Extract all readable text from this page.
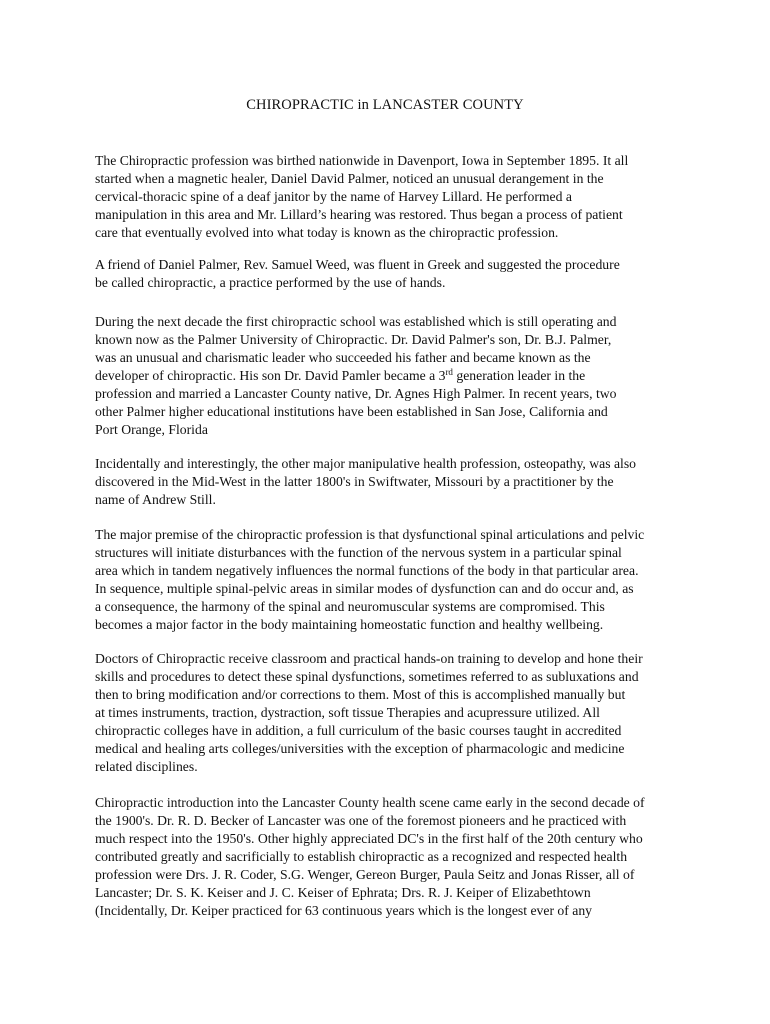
CHIROPRACTIC in LANCASTER COUNTY

The Chiropractic profession was birthed nationwide in Davenport, Iowa in September 1895. It all
started when a magnetic healer, Daniel David Palmer, noticed an unusual derangement in the
cervical-thoracic spine of a deaf janitor by the name of Harvey Lillard. He performed a
manipulation in this area and Mr. Lillard’s hearing was restored. Thus began a process of patient
care that eventually evolved into what today is known as the chiropractic profession.

A friend of Daniel Palmer, Rev. Samuel Weed, was fluent in Greek and suggested the procedure
be called chiropractic, a practice performed by the use of hands.

During the next decade the first chiropractic school was established which is still operating and
known now as the Palmer University of Chiropractic. Dr. David Palmer's son, Dr. B.J. Palmer,
was an unusual and charismatic leader who succeeded his father and became known as the
developer of chiropractic. His son Dr. David Pamler became a 3rd generation leader in the
profession and married a Lancaster County native, Dr. Agnes High Palmer. In recent years, two
other Palmer higher educational institutions have been established in San Jose, California and
Port Orange, Florida

Incidentally and interestingly, the other major manipulative health profession, osteopathy, was also
discovered in the Mid-West in the latter 1800's in Swiftwater, Missouri by a practitioner by the
name of Andrew Still.

The major premise of the chiropractic profession is that dysfunctional spinal articulations and pelvic
structures will initiate disturbances with the function of the nervous system in a particular spinal
area which in tandem negatively influences the normal functions of the body in that particular area.
In sequence, multiple spinal-pelvic areas in similar modes of dysfunction can and do occur and, as
a consequence, the harmony of the spinal and neuromuscular systems are compromised. This
becomes a major factor in the body maintaining homeostatic function and healthy wellbeing.

Doctors of Chiropractic receive classroom and practical hands-on training to develop and hone their
skills and procedures to detect these spinal dysfunctions, sometimes referred to as subluxations and
then to bring modification and/or corrections to them. Most of this is accomplished manually but
at times instruments, traction, dystraction, soft tissue Therapies and acupressure utilized. All
chiropractic colleges have in addition, a full curriculum of the basic courses taught in accredited
medical and healing arts colleges/universities with the exception of pharmacologic and medicine
related disciplines.

Chiropractic introduction into the Lancaster County health scene came early in the second decade of
the 1900's. Dr. R. D. Becker of Lancaster was one of the foremost pioneers and he practiced with
much respect into the 1950's. Other highly appreciated DC's in the first half of the 20th century who
contributed greatly and sacrificially to establish chiropractic as a recognized and respected health
profession were Drs. J. R. Coder, S.G. Wenger, Gereon Burger, Paula Seitz and Jonas Risser, all of
Lancaster; Dr. S. K. Keiser and J. C. Keiser of Ephrata; Drs. R. J. Keiper of Elizabethtown
(Incidentally, Dr. Keiper practiced for 63 continuous years which is the longest ever of any
